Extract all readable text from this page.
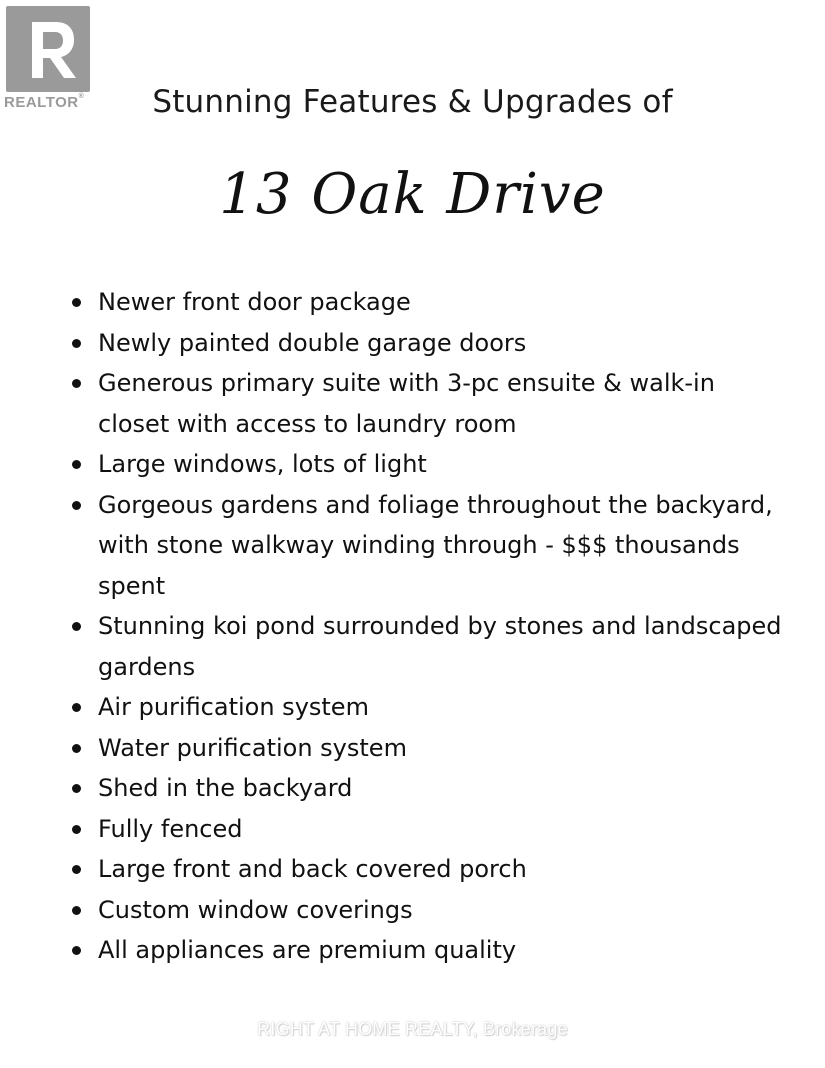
REALTOR®	Stunning Features & Upgrades of
13 Oak Drive
Newer front door package
Newly painted double garage doors
Generous primary suite with 3-pc ensuite & walk-in closet with access to laundry room
Large windows, lots of light
Gorgeous gardens and foliage throughout the backyard, with stone walkway winding through - $$$ thousands spent
Stunning koi pond surrounded by stones and landscaped gardens
Air purification system
Water purification system
Shed in the backyard
Fully fenced
Large front and back covered porch
Custom window coverings
All appliances are premium quality
RIGHT AT HOME REALTY, Brokerage
